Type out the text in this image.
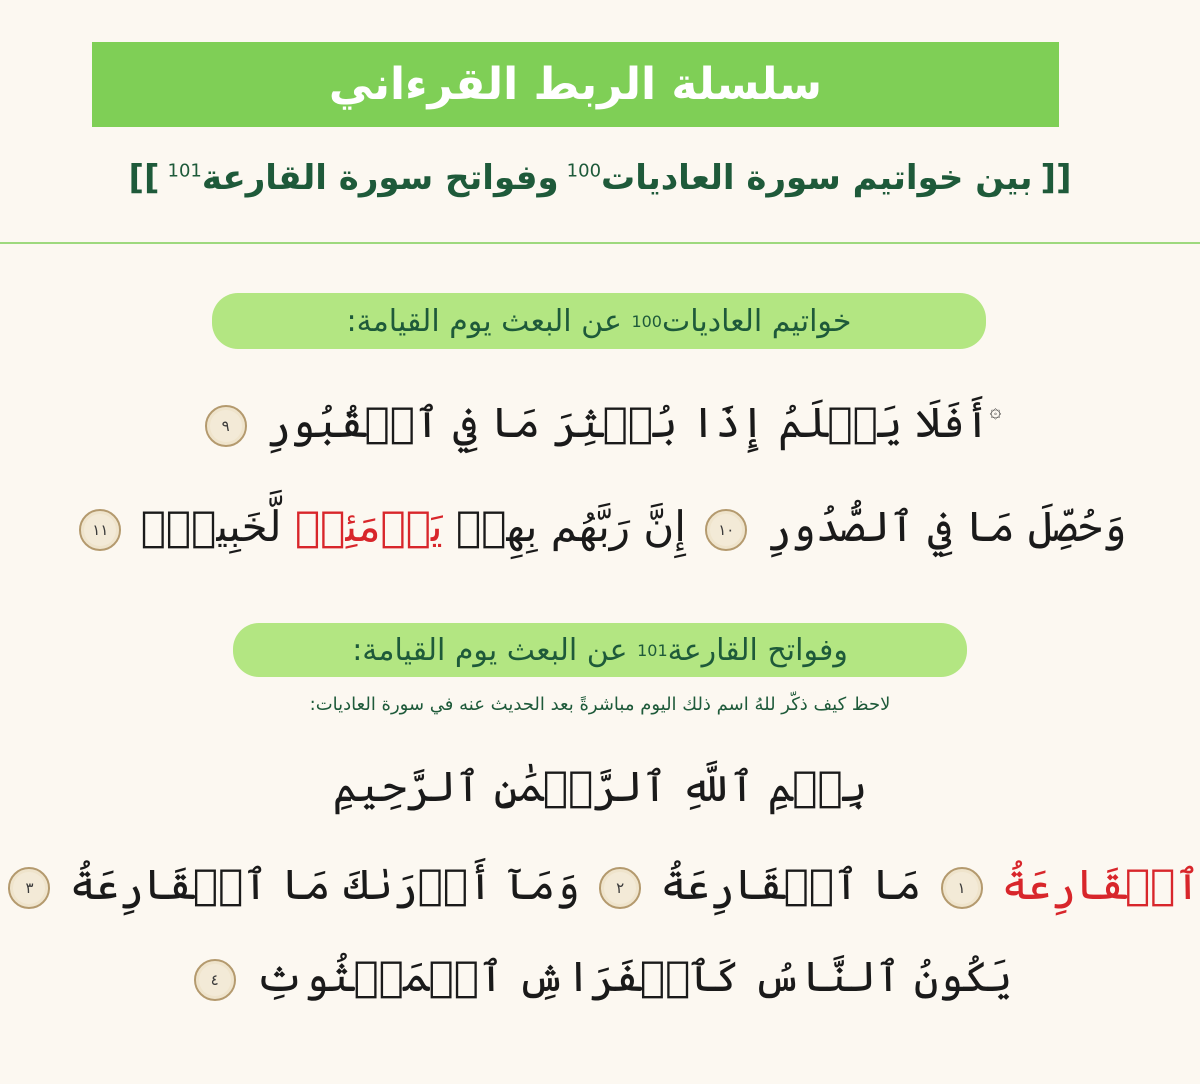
سلسلة الربط القرءاني
[[
بين خواتيم سورة العاديات$^{100}$
وفواتح سورة القارعة$^{101}$
]]
خواتيم العاديات
100

عن البعث يوم القيامة:
۞أَفَلَا يَعۡلَمُ إِذَا بُعۡثِرَ مَا فِي ٱلۡقُبُورِ ٩
وَحُصِّلَ مَا فِي ٱلصُّدُورِ ١٠ إِنَّ رَبَّهُم بِهِمۡ يَوۡمَئِذٖ لَّخَبِيرُۢ ١١
وفواتح القارعة
101

عن البعث يوم القيامة:
لاحظ كيف ذكّر للهُ اسم ذلك اليوم مباشرةً بعد الحديث عنه في سورة العاديات:
بِسۡمِ ٱللَّهِ ٱلرَّحۡمَٰنِ ٱلرَّحِيمِ
ٱلۡقَارِعَةُ ١ مَا ٱلۡقَارِعَةُ ٢ وَمَآ أَدۡرَىٰكَ مَا ٱلۡقَارِعَةُ ٣
يَكُونُ ٱلنَّاسُ كَٱلۡفَرَاشِ ٱلۡمَبۡثُوثِ ٤
